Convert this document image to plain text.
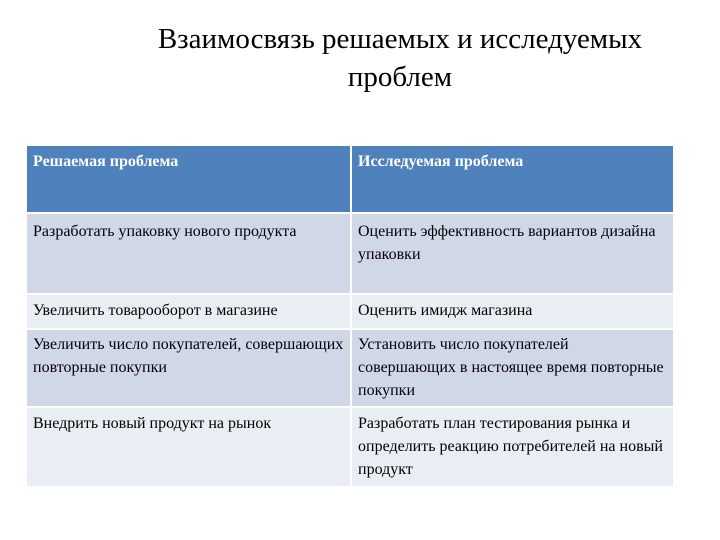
Взаимосвязь решаемых и исследуемых
проблем
Решаемая проблема	Исследуемая проблема
Разработать упаковку нового продукта	Оценить эффективность вариантов дизайна упаковки
Увеличить товарооборот в магазине	Оценить имидж магазина
Увеличить число покупателей, совершающих повторные покупки	Установить число покупателей совершающих в настоящее время повторные покупки
Внедрить новый продукт на рынок	Разработать план тестирования рынка и определить реакцию потребителей на новый продукт
